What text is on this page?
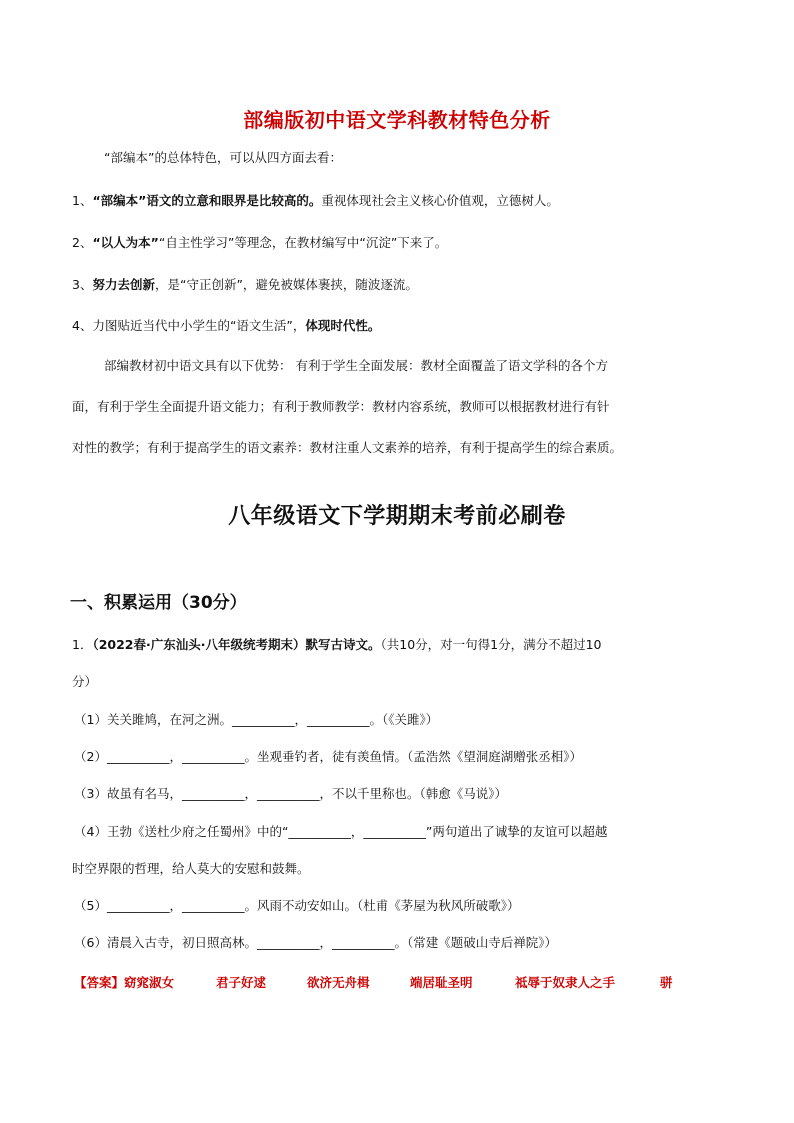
部编版初中语文学科教材特色分析
“部编本”的总体特色，可以从四方面去看：
1、“部编本”语文的立意和眼界是比较高的。重视体现社会主义核心价值观，立德树人。
2、“以人为本”“自主性学习”等理念，在教材编写中“沉淀”下来了。
3、努力去创新，是“守正创新”，避免被媒体裹挟，随波逐流。
4、力图贴近当代中小学生的“语文生活”，体现时代性。
部编教材初中语文具有以下优势： 有利于学生全面发展：教材全面覆盖了语文学科的各个方
面，有利于学生全面提升语文能力；有利于教师教学：教材内容系统，教师可以根据教材进行有针
对性的教学；有利于提高学生的语文素养：教材注重人文素养的培养，有利于提高学生的综合素质。
八年级语文下学期期末考前必刷卷
一、积累运用（30分）
1．（2022春·广东汕头·八年级统考期末）默写古诗文。（共10分，对一句得1分，满分不超过10
分）
（1）关关雎鸠，在河之洲。__________，__________。（《关雎》）
（2）__________，__________。坐观垂钓者，徒有羡鱼情。（孟浩然《望洞庭湖赠张丞相》）
（3）故虽有名马，__________，__________，不以千里称也。（韩愈《马说》）
（4）王勃《送杜少府之任蜀州》中的“__________，__________”两句道出了诚挚的友谊可以超越
时空界限的哲理，给人莫大的安慰和鼓舞。
（5）__________，__________。风雨不动安如山。（杜甫《茅屋为秋风所破歌》）
（6）清晨入古寺，初日照高林。__________，__________。（常建《题破山寺后禅院》）
【答案】窈窕淑女	君子好逑	欲济无舟楫	端居耻圣明	祗辱于奴隶人之手	骈
